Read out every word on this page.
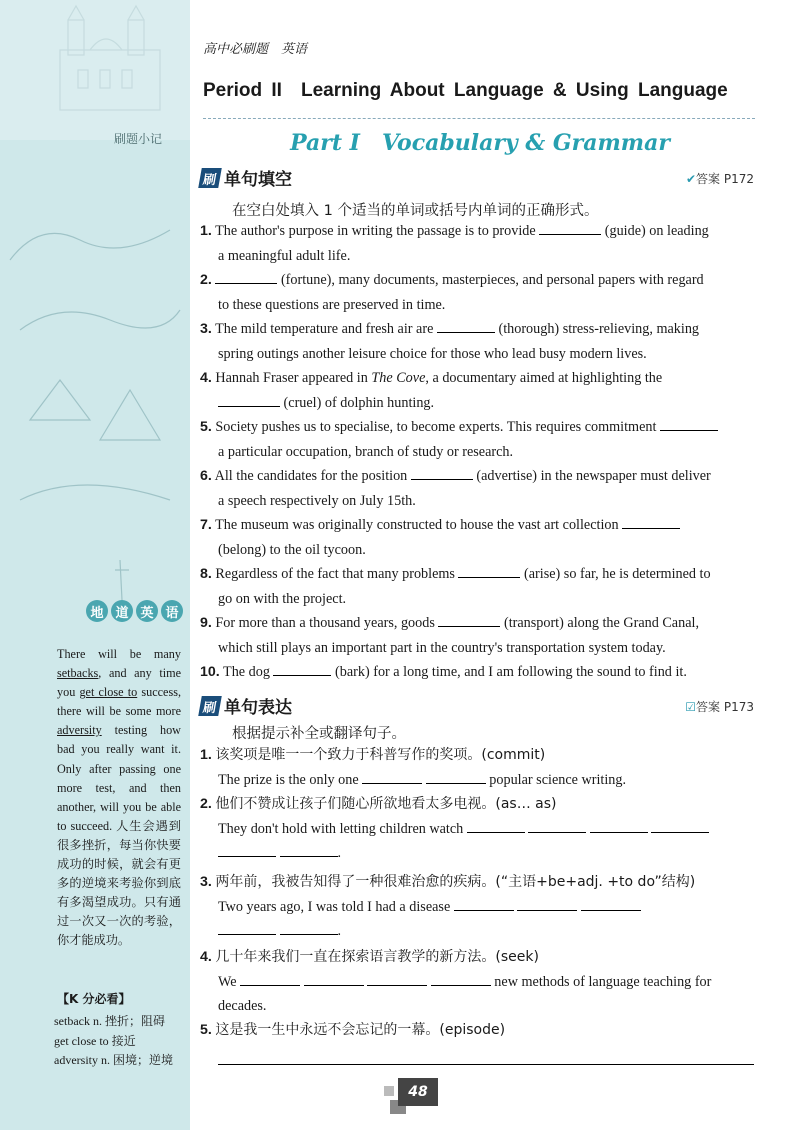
刷题小记
地 道 英 语
There will be many setbacks, and any time you get close to success, there will be some more adversity testing how bad you really want it. Only after passing one more test, and then another, will you be able to succeed. 人生会遇到很多挫折，每当你快要成功的时候，就会有更多的逆境来考验你到底有多渴望成功。只有通过一次又一次的考验，你才能成功。
【K 分必看】
setback n. 挫折；阻碍
get close to 接近
adversity n. 困境；逆境
高中必刷题　英语
Period II　Learning About Language & Using Language
Part I　Vocabulary & Grammar
刷 单句填空	✔答案 P172
在空白处填入 1 个适当的单词或括号内单词的正确形式。
1. The author's purpose in writing the passage is to provide	(guide) on leading
a meaningful adult life.
2.	(fortune), many documents, masterpieces, and personal papers with regard
to these questions are preserved in time.
3. The mild temperature and fresh air are	(thorough) stress-relieving, making
spring outings another leisure choice for those who lead busy modern lives.
4. Hannah Fraser appeared in The Cove, a documentary aimed at highlighting the
(cruel) of dolphin hunting.
5. Society pushes us to specialise, to become experts. This requires commitment
a particular occupation, branch of study or research.
6. All the candidates for the position	(advertise) in the newspaper must deliver
a speech respectively on July 15th.
7. The museum was originally constructed to house the vast art collection
(belong) to the oil tycoon.
8. Regardless of the fact that many problems	(arise) so far, he is determined to
go on with the project.
9. For more than a thousand years, goods	(transport) along the Grand Canal,
which still plays an important part in the country's transportation system today.
10. The dog	(bark) for a long time, and I am following the sound to find it.
刷 单句表达	☑答案 P173
根据提示补全或翻译句子。
1. 该奖项是唯一一个致力于科普写作的奖项。(commit)
The prize is the only one	popular science writing.
2. 他们不赞成让孩子们随心所欲地看太多电视。(as… as)
They don't hold with letting children watch
.
3. 两年前，我被告知得了一种很难治愈的疾病。(“主语+be+adj. +to do”结构)
Two years ago, I was told I had a disease
.
4. 几十年来我们一直在探索语言教学的新方法。(seek)
We	new methods of language teaching for
decades.
5. 这是我一生中永远不会忘记的一幕。(episode)
48
